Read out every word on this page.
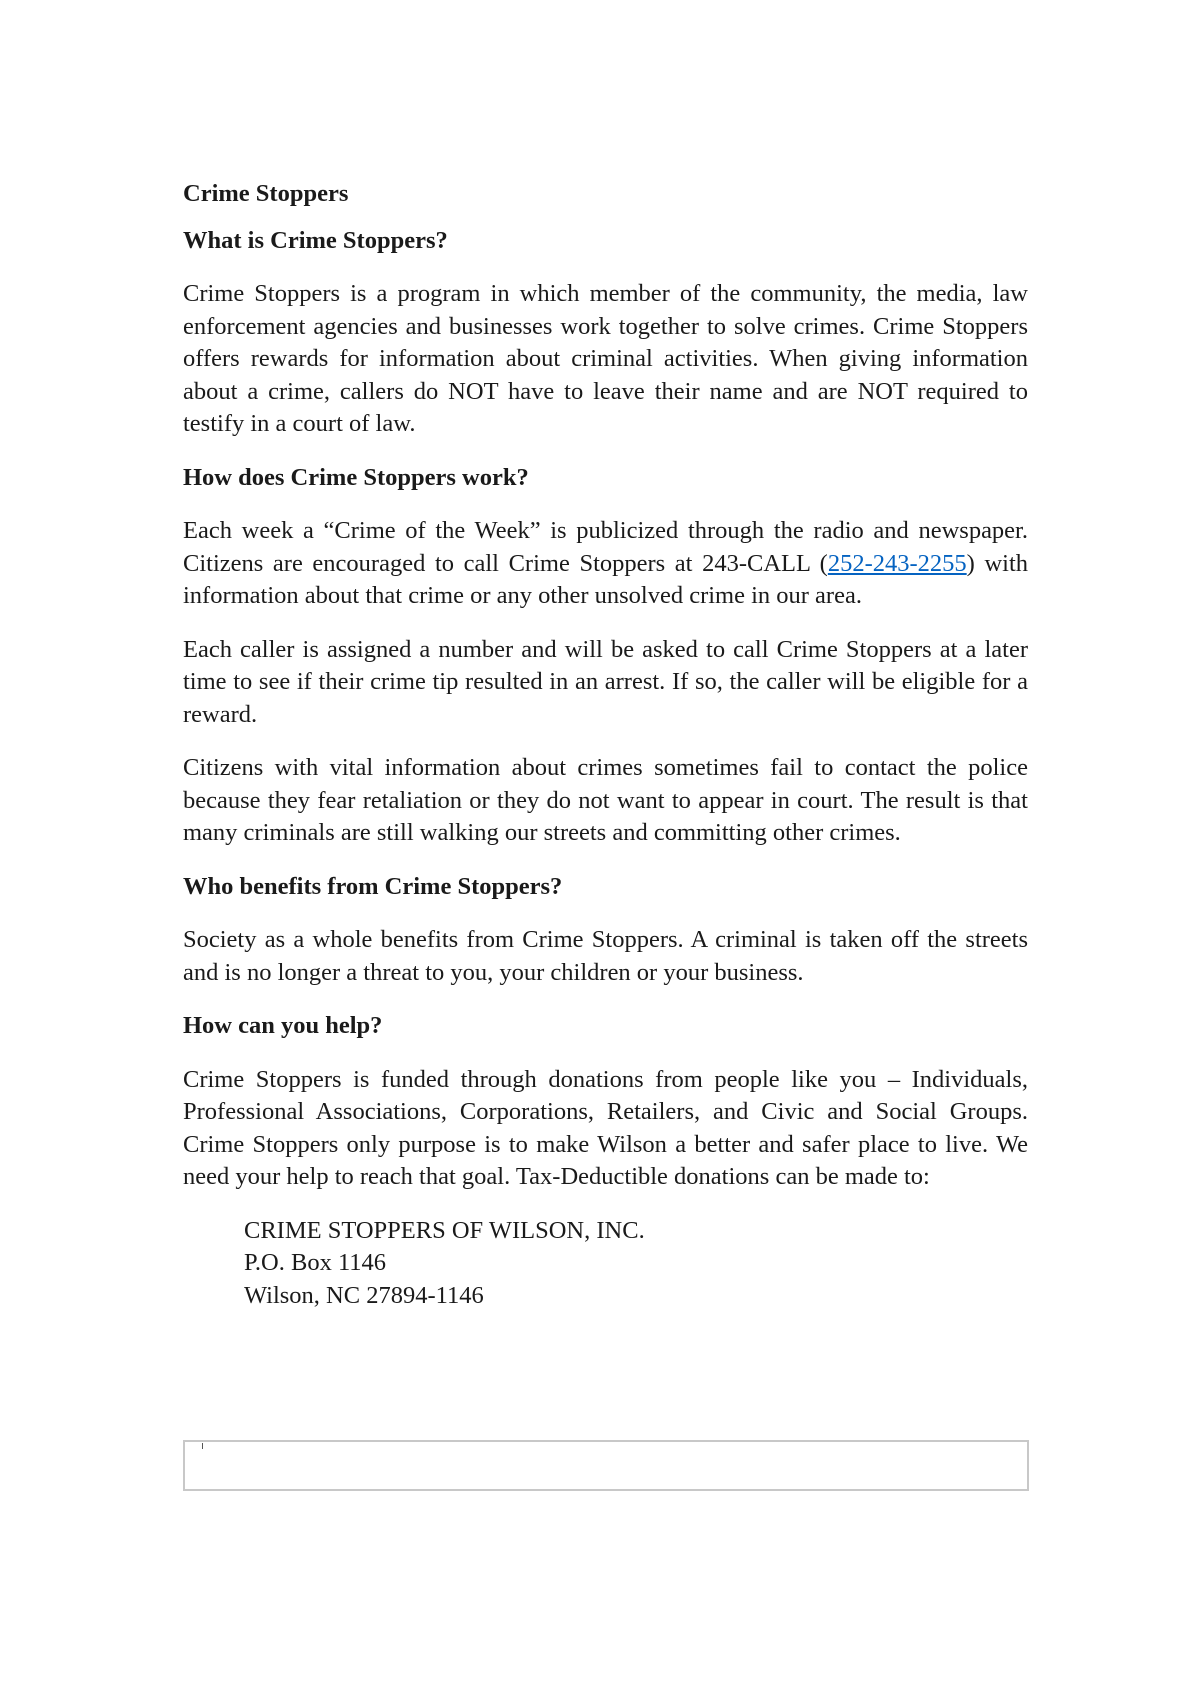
Crime Stoppers
What is Crime Stoppers?

Crime Stoppers is a program in which member of the community, the media, law enforcement agencies and businesses work together to solve crimes. Crime Stoppers offers rewards for information about criminal activities. When giving information about a crime, callers do NOT have to leave their name and are NOT required to testify in a court of law.

How does Crime Stoppers work?

Each week a “Crime of the Week” is publicized through the radio and newspaper. Citizens are encouraged to call Crime Stoppers at 243-CALL (252-243-2255) with information about that crime or any other unsolved crime in our area.

Each caller is assigned a number and will be asked to call Crime Stoppers at a later time to see if their crime tip resulted in an arrest. If so, the caller will be eligible for a reward.

Citizens with vital information about crimes sometimes fail to contact the police because they fear retaliation or they do not want to appear in court. The result is that many criminals are still walking our streets and committing other crimes.

Who benefits from Crime Stoppers?

Society as a whole benefits from Crime Stoppers. A criminal is taken off the streets and is no longer a threat to you, your children or your business.

How can you help?

Crime Stoppers is funded through donations from people like you – Individuals, Professional Associations, Corporations, Retailers, and Civic and Social Groups. Crime Stoppers only purpose is to make Wilson a better and safer place to live. We need your help to reach that goal. Tax-Deductible donations can be made to:

CRIME STOPPERS OF WILSON, INC.
P.O. Box 1146
Wilson, NC 27894-1146
